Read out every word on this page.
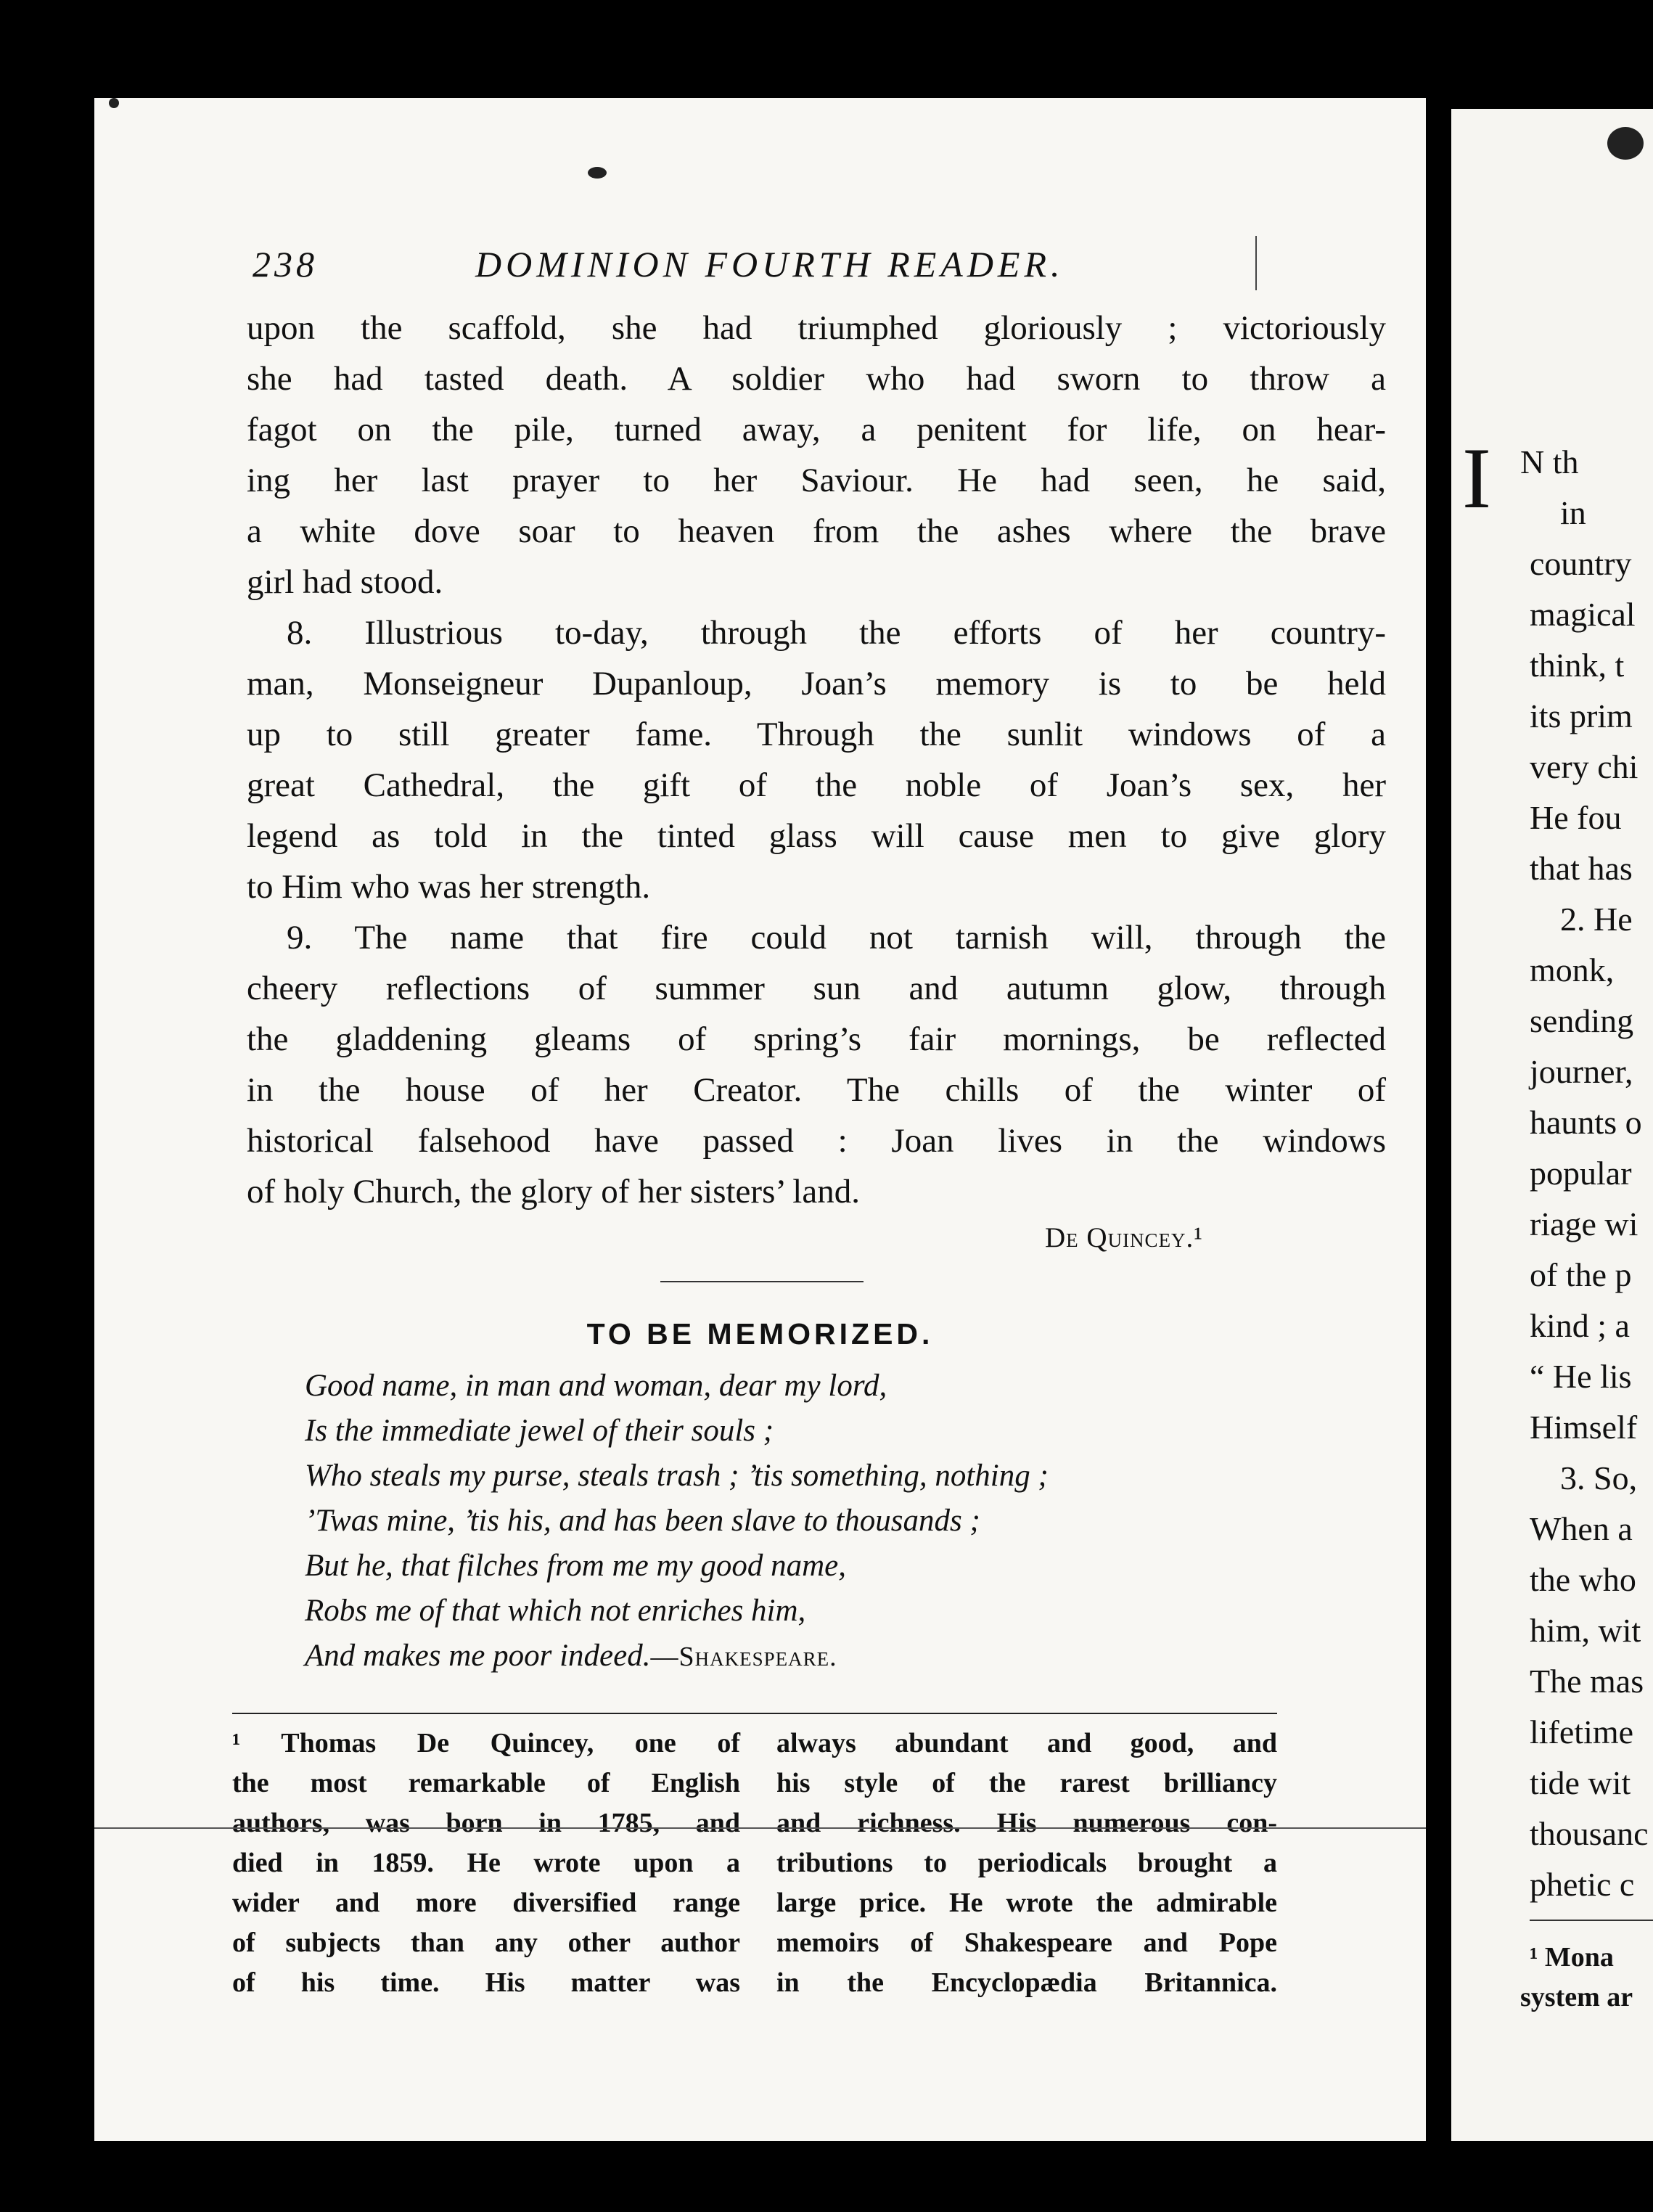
238	DOMINION FOURTH READER.
upon the scaffold, she had triumphed gloriously ; victoriously
she had tasted death. A soldier who had sworn to throw a
fagot on the pile, turned away, a penitent for life, on hear-
ing her last prayer to her Saviour. He had seen, he said,
a white dove soar to heaven from the ashes where the brave
girl had stood.
8. Illustrious to-day, through the efforts of her country-
man, Monseigneur Dupanloup, Joan’s memory is to be held
up to still greater fame. Through the sunlit windows of a
great Cathedral, the gift of the noble of Joan’s sex, her
legend as told in the tinted glass will cause men to give glory
to Him who was her strength.
9. The name that fire could not tarnish will, through the
cheery reflections of summer sun and autumn glow, through
the gladdening gleams of spring’s fair mornings, be reflected
in the house of her Creator. The chills of the winter of
historical falsehood have passed : Joan lives in the windows
of holy Church, the glory of her sisters’ land.
De Quincey.¹
TO BE MEMORIZED.
Good name, in man and woman, dear my lord,
Is the immediate jewel of their souls ;
Who steals my purse, steals trash ; ’tis something, nothing ;
’Twas mine, ’tis his, and has been slave to thousands ;
But he, that filches from me my good name,
Robs me of that which not enriches him,
And makes me poor indeed.—Shakespeare.
¹ Thomas De Quincey, one of
the most remarkable of English
authors, was born in 1785, and
died in 1859. He wrote upon a
wider and more diversified range
of subjects than any other author
of his time. His matter was
always abundant and good, and
his style of the rarest brilliancy
and richness. His numerous con-
tributions to periodicals brought a
large price. He wrote the admirable
memoirs of Shakespeare and Pope
in the Encyclopædia Britannica.
I N th
in
country
magical
think, t
its prim
very chi
He fou
that has
2. He
monk,
sending
journer,
haunts o
popular
riage wi
of the p
kind ; a
“ He lis
Himself
3. So,
When a
the who
him, wit
The mas
lifetime
tide wit
thousanc
phetic c
¹ Mona
system ar
